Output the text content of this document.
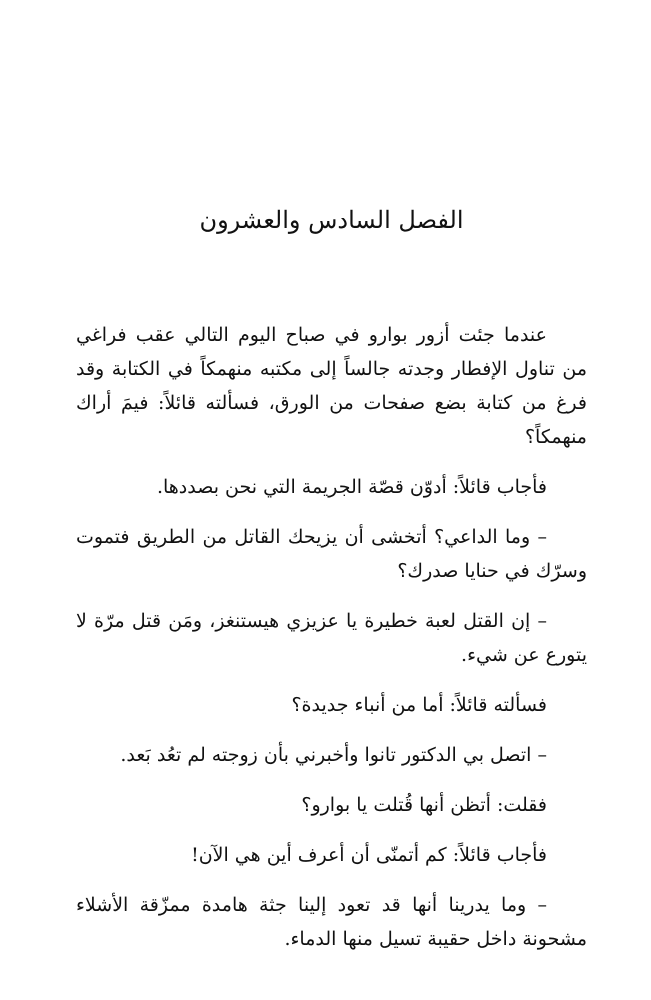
الفصل السادس والعشرون

عندما جئت أزور بوارو في صباح اليوم التالي عقب فراغي من تناول الإفطار وجدته جالساً إلى مكتبه منهمكاً في الكتابة وقد فرغ من كتابة بضع صفحات من الورق، فسألته قائلاً: فيمَ أراك منهمكاً؟

فأجاب قائلاً: أدوّن قصّة الجريمة التي نحن بصددها.

– وما الداعي؟ أتخشى أن يزيحك القاتل من الطريق فتموت وسرّك في حنايا صدرك؟

– إن القتل لعبة خطيرة يا عزيزي هيستنغز، ومَن قتل مرّة لا يتورع عن شيء.

فسألته قائلاً: أما من أنباء جديدة؟

– اتصل بي الدكتور تانوا وأخبرني بأن زوجته لم تعُد بَعد.

فقلت: أتظن أنها قُتلت يا بوارو؟

فأجاب قائلاً: كم أتمنّى أن أعرف أين هي الآن!

– وما يدرينا أنها قد تعود إلينا جثة هامدة ممزّقة الأشلاء مشحونة داخل حقيبة تسيل منها الدماء.
